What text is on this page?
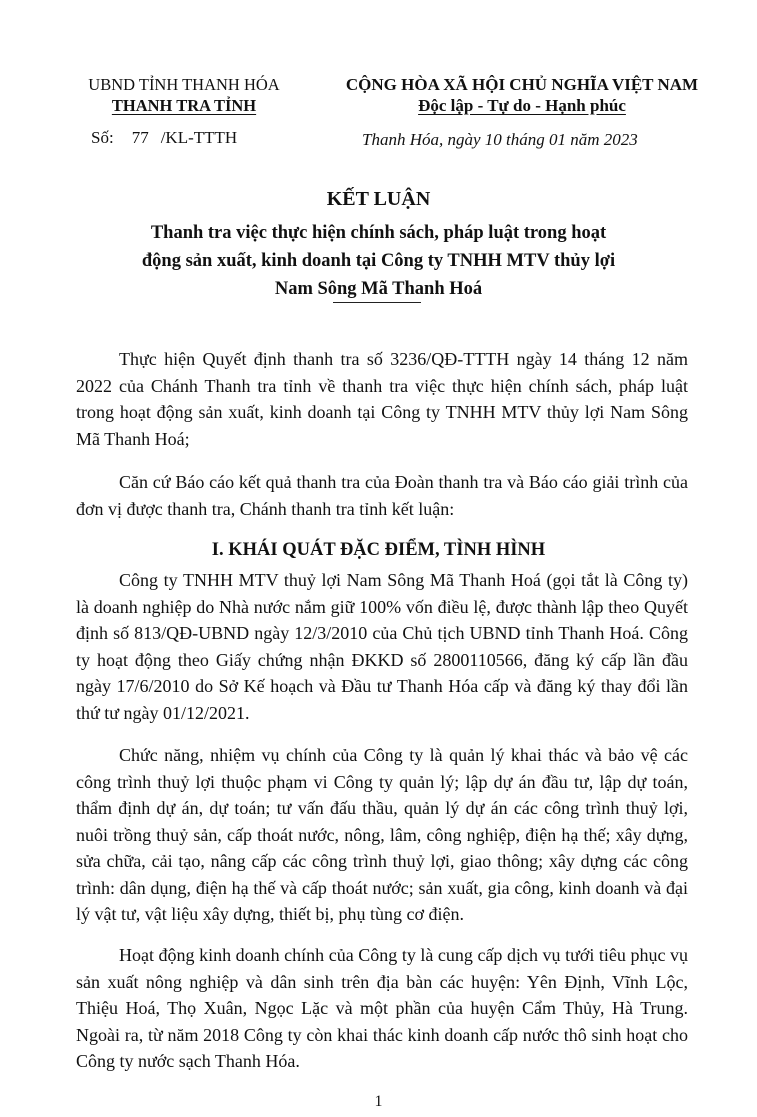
UBND TỈNH THANH HÓA
THANH TRA TỈNH
Số: 77 /KL-TTTH
CỘNG HÒA XÃ HỘI CHỦ NGHĨA VIỆT NAM
Độc lập - Tự do - Hạnh phúc
Thanh Hóa, ngày 10 tháng 01 năm 2023
KẾT LUẬN
Thanh tra việc thực hiện chính sách, pháp luật trong hoạt
động sản xuất, kinh doanh tại Công ty TNHH MTV thủy lợi
Nam Sông Mã Thanh Hoá

Thực hiện Quyết định thanh tra số 3236/QĐ-TTTH ngày 14 tháng 12 năm 2022 của Chánh Thanh tra tỉnh về thanh tra việc thực hiện chính sách, pháp luật trong hoạt động sản xuất, kinh doanh tại Công ty TNHH MTV thủy lợi Nam Sông Mã Thanh Hoá;

Căn cứ Báo cáo kết quả thanh tra của Đoàn thanh tra và Báo cáo giải trình của đơn vị được thanh tra, Chánh thanh tra tỉnh kết luận:

I. KHÁI QUÁT ĐẶC ĐIỂM, TÌNH HÌNH

Công ty TNHH MTV thuỷ lợi Nam Sông Mã Thanh Hoá (gọi tắt là Công ty) là doanh nghiệp do Nhà nước nắm giữ 100% vốn điều lệ, được thành lập theo Quyết định số 813/QĐ-UBND ngày 12/3/2010 của Chủ tịch UBND tỉnh Thanh Hoá. Công ty hoạt động theo Giấy chứng nhận ĐKKD số 2800110566, đăng ký cấp lần đầu ngày 17/6/2010 do Sở Kế hoạch và Đầu tư Thanh Hóa cấp và đăng ký thay đổi lần thứ tư ngày 01/12/2021.

Chức năng, nhiệm vụ chính của Công ty là quản lý khai thác và bảo vệ các công trình thuỷ lợi thuộc phạm vi Công ty quản lý; lập dự án đầu tư, lập dự toán, thẩm định dự án, dự toán; tư vấn đấu thầu, quản lý dự án các công trình thuỷ lợi, nuôi trồng thuỷ sản, cấp thoát nước, nông, lâm, công nghiệp, điện hạ thế; xây dựng, sửa chữa, cải tạo, nâng cấp các công trình thuỷ lợi, giao thông; xây dựng các công trình: dân dụng, điện hạ thế và cấp thoát nước; sản xuất, gia công, kinh doanh và đại lý vật tư, vật liệu xây dựng, thiết bị, phụ tùng cơ điện.

Hoạt động kinh doanh chính của Công ty là cung cấp dịch vụ tưới tiêu phục vụ sản xuất nông nghiệp và dân sinh trên địa bàn các huyện: Yên Định, Vĩnh Lộc, Thiệu Hoá, Thọ Xuân, Ngọc Lặc và một phần của huyện Cẩm Thủy, Hà Trung. Ngoài ra, từ năm 2018 Công ty còn khai thác kinh doanh cấp nước thô sinh hoạt cho Công ty nước sạch Thanh Hóa.

1
